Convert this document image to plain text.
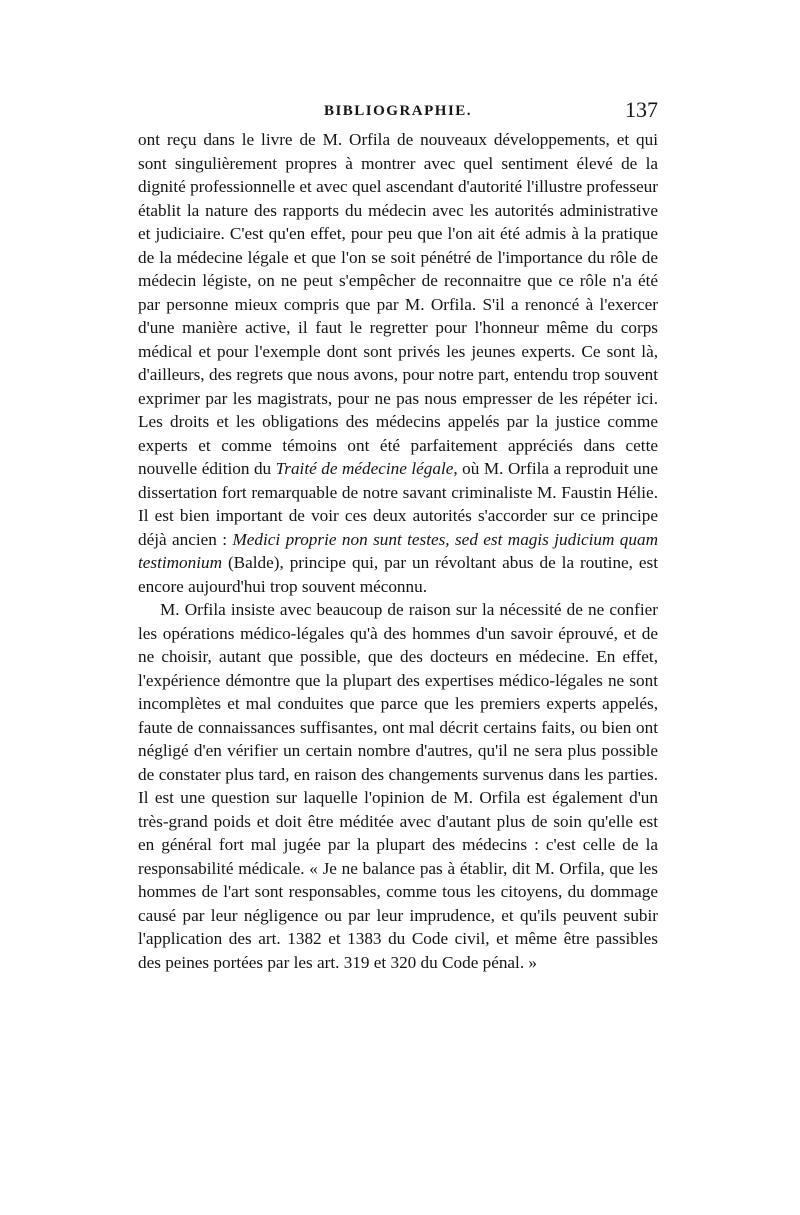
BIBLIOGRAPHIE.	137

ont reçu dans le livre de M. Orfila de nouveaux développements, et qui sont singulièrement propres à montrer avec quel sentiment élevé de la dignité professionnelle et avec quel ascendant d'autorité l'illustre professeur établit la nature des rapports du médecin avec les autorités administrative et judiciaire. C'est qu'en effet, pour peu que l'on ait été admis à la pratique de la médecine légale et que l'on se soit pénétré de l'importance du rôle de médecin légiste, on ne peut s'empêcher de reconnaitre que ce rôle n'a été par personne mieux compris que par M. Orfila. S'il a renoncé à l'exercer d'une manière active, il faut le regretter pour l'honneur même du corps médical et pour l'exemple dont sont privés les jeunes experts. Ce sont là, d'ailleurs, des regrets que nous avons, pour notre part, entendu trop souvent exprimer par les magistrats, pour ne pas nous empresser de les répéter ici. Les droits et les obligations des médecins appelés par la justice comme experts et comme témoins ont été parfaitement appréciés dans cette nouvelle édition du Traité de médecine légale, où M. Orfila a reproduit une dissertation fort remarquable de notre savant criminaliste M. Faustin Hélie. Il est bien important de voir ces deux autorités s'accorder sur ce principe déjà ancien : Medici proprie non sunt testes, sed est magis judicium quam testimonium (Balde), principe qui, par un révoltant abus de la routine, est encore aujourd'hui trop souvent méconnu.

M. Orfila insiste avec beaucoup de raison sur la nécessité de ne confier les opérations médico-légales qu'à des hommes d'un savoir éprouvé, et de ne choisir, autant que possible, que des docteurs en médecine. En effet, l'expérience démontre que la plupart des expertises médico-légales ne sont incomplètes et mal conduites que parce que les premiers experts appelés, faute de connaissances suffisantes, ont mal décrit certains faits, ou bien ont négligé d'en vérifier un certain nombre d'autres, qu'il ne sera plus possible de constater plus tard, en raison des changements survenus dans les parties. Il est une question sur laquelle l'opinion de M. Orfila est également d'un très-grand poids et doit être méditée avec d'autant plus de soin qu'elle est en général fort mal jugée par la plupart des médecins : c'est celle de la responsabilité médicale. « Je ne balance pas à établir, dit M. Orfila, que les hommes de l'art sont responsables, comme tous les citoyens, du dommage causé par leur négligence ou par leur imprudence, et qu'ils peuvent subir l'application des art. 1382 et 1383 du Code civil, et même être passibles des peines portées par les art. 319 et 320 du Code pénal. »
